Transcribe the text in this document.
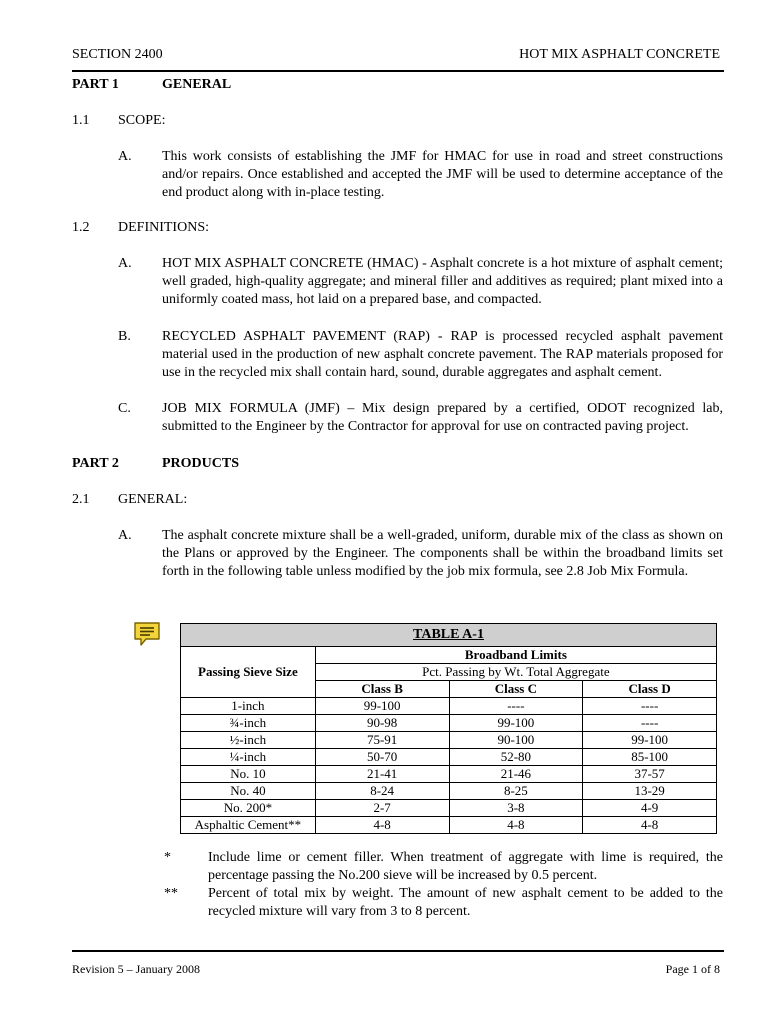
SECTION 2400	HOT MIX ASPHALT CONCRETE
PART 1	GENERAL
1.1 SCOPE:
A. This work consists of establishing the JMF for HMAC for use in road and street constructions and/or repairs. Once established and accepted the JMF will be used to determine acceptance of the end product along with in-place testing.
1.2 DEFINITIONS:
A. HOT MIX ASPHALT CONCRETE (HMAC) - Asphalt concrete is a hot mixture of asphalt cement; well graded, high-quality aggregate; and mineral filler and additives as required; plant mixed into a uniformly coated mass, hot laid on a prepared base, and compacted.
B. RECYCLED ASPHALT PAVEMENT (RAP) - RAP is processed recycled asphalt pavement material used in the production of new asphalt concrete pavement. The RAP materials proposed for use in the recycled mix shall contain hard, sound, durable aggregates and asphalt cement.
C. JOB MIX FORMULA (JMF) – Mix design prepared by a certified, ODOT recognized lab, submitted to the Engineer by the Contractor for approval for use on contracted paving project.
PART 2	PRODUCTS
2.1 GENERAL:
A. The asphalt concrete mixture shall be a well-graded, uniform, durable mix of the class as shown on the Plans or approved by the Engineer. The components shall be within the broadband limits set forth in the following table unless modified by the job mix formula, see 2.8 Job Mix Formula.
TABLE A-1			
Passing Sieve Size	Broadband Limits		
	Pct. Passing by Wt. Total Aggregate		
	Class B	Class C	Class D
1-inch	99-100	----	----
¾-inch	90-98	99-100	----
½-inch	75-91	90-100	99-100
¼-inch	50-70	52-80	85-100
No. 10	21-41	21-46	37-57
No. 40	8-24	8-25	13-29
No. 200*	2-7	3-8	4-9
Asphaltic Cement**	4-8	4-8	4-8
*	Include lime or cement filler. When treatment of aggregate with lime is required, the percentage passing the No.200 sieve will be increased by 0.5 percent.
** Percent of total mix by weight. The amount of new asphalt cement to be added to the recycled mixture will vary from 3 to 8 percent.
Revision 5 – January 2008	Page 1 of 8
